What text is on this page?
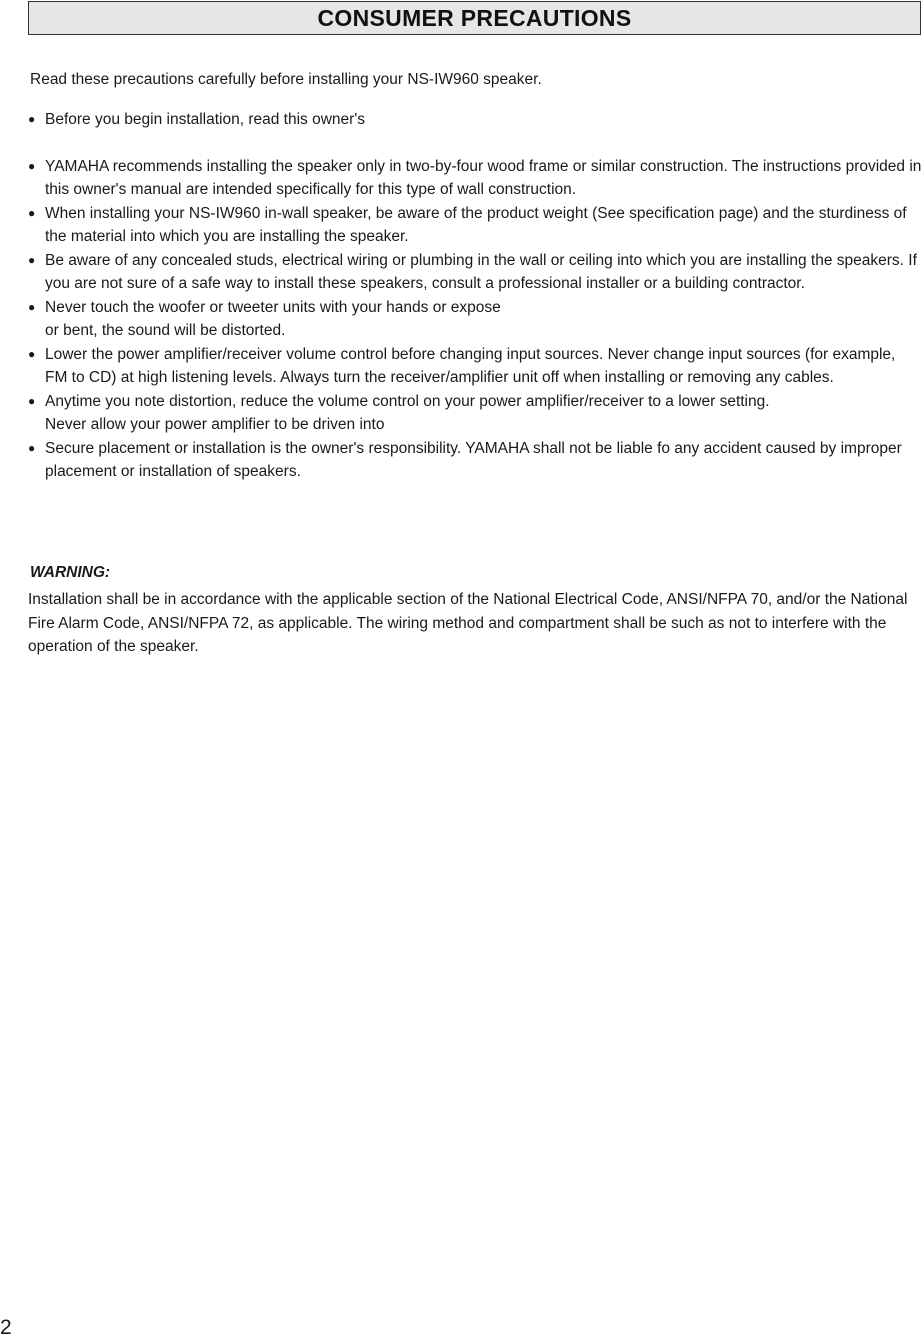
CONSUMER PRECAUTIONS

Read these precautions carefully before installing your NS-IW960 speaker.

● Before you begin installation, read this owner's
● YAMAHA recommends installing the speaker only in two-by-four wood frame or similar construction. The instructions provided in this owner's manual are intended specifically for this type of wall construction.
● When installing your NS-IW960 in-wall speaker, be aware of the product weight (See specification page) and the sturdiness of the material into which you are installing the speaker.
● Be aware of any concealed studs, electrical wiring or plumbing in the wall or ceiling into which you are installing the speakers. If you are not sure of a safe way to install these speakers, consult a professional installer or a building contractor.
● Never touch the woofer or tweeter units with your hands or expose
or bent, the sound will be distorted.
● Lower the power amplifier/receiver volume control before changing input sources. Never change input sources (for example, FM to CD) at high listening levels. Always turn the receiver/amplifier unit off when installing or removing any cables.
● Anytime you note distortion, reduce the volume control on your power amplifier/receiver to a lower setting.
Never allow your power amplifier to be driven into
● Secure placement or installation is the owner's responsibility. YAMAHA shall not be liable fo any accident caused by improper placement or installation of speakers.

WARNING:

Installation shall be in accordance with the applicable section of the National Electrical Code, ANSI/NFPA 70, and/or the National Fire Alarm Code, ANSI/NFPA 72, as applicable. The wiring method and compartment shall be such as not to interfere with the operation of the speaker.

2
